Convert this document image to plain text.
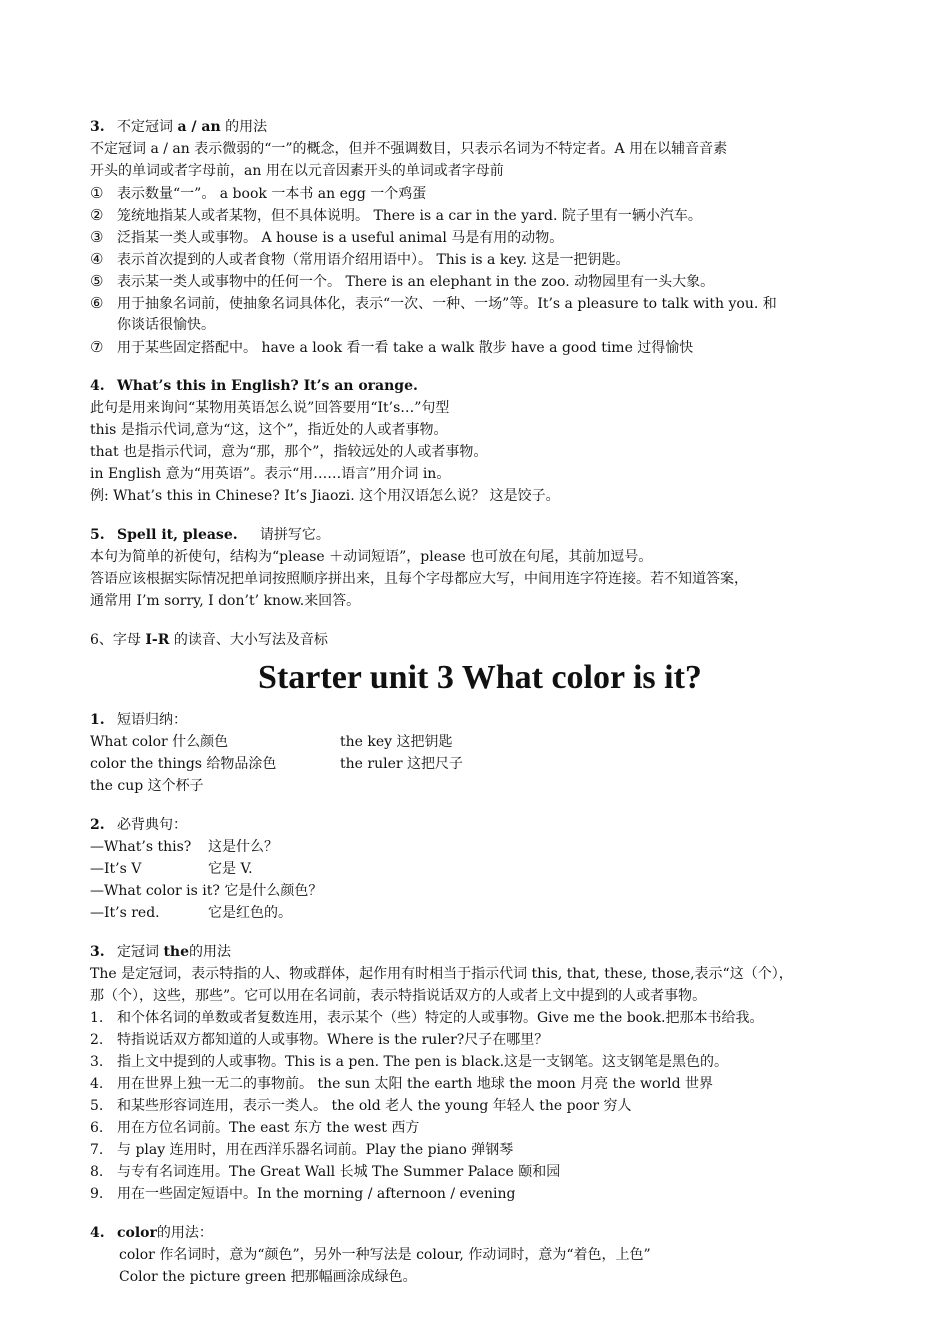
3. 不定冠词 a / an 的用法
不定冠词 a / an 表示微弱的“一”的概念，但并不强调数目，只表示名词为不特定者。A 用在以辅音音素
开头的单词或者字母前，an 用在以元音因素开头的单词或者字母前
① 表示数量“一”。 a book 一本书 an egg 一个鸡蛋
② 笼统地指某人或者某物，但不具体说明。 There is a car in the yard. 院子里有一辆小汽车。
③ 泛指某一类人或事物。 A house is a useful animal 马是有用的动物。
④ 表示首次提到的人或者食物（常用语介绍用语中）。 This is a key. 这是一把钥匙。
⑤ 表示某一类人或事物中的任何一个。 There is an elephant in the zoo. 动物园里有一头大象。
⑥ 用于抽象名词前，使抽象名词具体化，表示“一次、一种、一场”等。It’s a pleasure to talk with you. 和
你谈话很愉快。
⑦ 用于某些固定搭配中。 have a look 看一看 take a walk 散步 have a good time 过得愉快
4. What’s this in English? It’s an orange.
此句是用来询问“某物用英语怎么说”回答要用“It’s…”句型
this 是指示代词,意为“这，这个”，指近处的人或者事物。
that 也是指示代词，意为“那，那个”，指较远处的人或者事物。
in English 意为“用英语”。表示“用……语言”用介词 in。
例: What’s this in Chinese? It’s Jiaozi. 这个用汉语怎么说？ 这是饺子。
5. Spell it, please. 请拼写它。
本句为简单的祈使句，结构为“please ＋动词短语”，please 也可放在句尾，其前加逗号。
答语应该根据实际情况把单词按照顺序拼出来，且每个字母都应大写，中间用连字符连接。若不知道答案，
通常用 I’m sorry, I don’t’ know.来回答。
6、字母 I-R 的读音、大小写法及音标
Starter unit 3 What color is it?
1. 短语归纳：
What color 什么颜色	the key 这把钥匙
color the things 给物品涂色	the ruler 这把尺子
the cup 这个杯子
2. 必背典句：
—What’s this? 这是什么？
—It’s V	它是 V.
—What color is it? 它是什么颜色？
—It’s red.	它是红色的。
3. 定冠词 the的用法
The 是定冠词，表示特指的人、物或群体，起作用有时相当于指示代词 this, that, these, those,表示“这（个），
那（个），这些，那些”。它可以用在名词前，表示特指说话双方的人或者上文中提到的人或者事物。
1. 和个体名词的单数或者复数连用，表示某个（些）特定的人或事物。Give me the book.把那本书给我。
2. 特指说话双方都知道的人或事物。Where is the ruler?尺子在哪里？
3. 指上文中提到的人或事物。This is a pen. The pen is black.这是一支钢笔。这支钢笔是黑色的。
4. 用在世界上独一无二的事物前。 the sun 太阳 the earth 地球 the moon 月亮 the world 世界
5. 和某些形容词连用，表示一类人。 the old 老人 the young 年轻人 the poor 穷人
6. 用在方位名词前。The east 东方 the west 西方
7. 与 play 连用时，用在西洋乐器名词前。Play the piano 弹钢琴
8. 与专有名词连用。The Great Wall 长城 The Summer Palace 颐和园
9. 用在一些固定短语中。In the morning / afternoon / evening
4. color的用法：
color 作名词时，意为“颜色”，另外一种写法是 colour, 作动词时，意为“着色，上色”
Color the picture green 把那幅画涂成绿色。
